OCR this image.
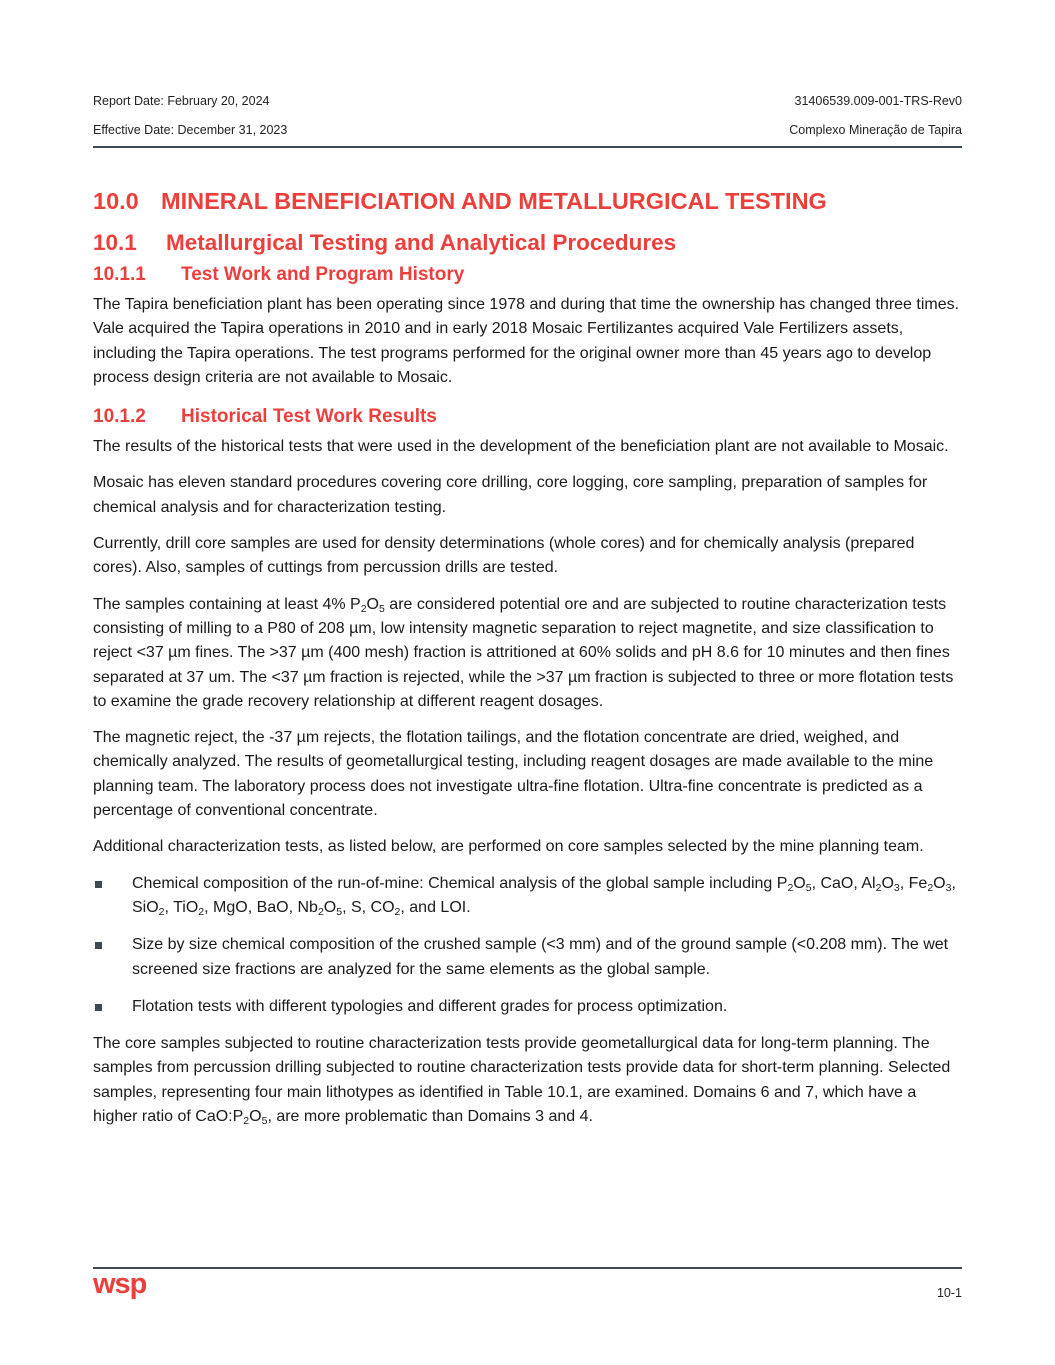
Report Date: February 20, 2024	31406539.009-001-TRS-Rev0
Effective Date: December 31, 2023	Complexo Mineração de Tapira
10.0 MINERAL BENEFICIATION AND METALLURGICAL TESTING
10.1 Metallurgical Testing and Analytical Procedures
10.1.1 Test Work and Program History

The Tapira beneficiation plant has been operating since 1978 and during that time the ownership has changed three times. Vale acquired the Tapira operations in 2010 and in early 2018 Mosaic Fertilizantes acquired Vale Fertilizers assets, including the Tapira operations. The test programs performed for the original owner more than 45 years ago to develop process design criteria are not available to Mosaic.

10.1.2 Historical Test Work Results

The results of the historical tests that were used in the development of the beneficiation plant are not available to Mosaic.

Mosaic has eleven standard procedures covering core drilling, core logging, core sampling, preparation of samples for chemical analysis and for characterization testing.

Currently, drill core samples are used for density determinations (whole cores) and for chemically analysis (prepared cores). Also, samples of cuttings from percussion drills are tested.

The samples containing at least 4% $P_2O_5$ are considered potential ore and are subjected to routine characterization tests consisting of milling to a P80 of 208 µm, low intensity magnetic separation to reject magnetite, and size classification to reject <37 µm fines. The >37 µm (400 mesh) fraction is attritioned at 60% solids and pH 8.6 for 10 minutes and then fines separated at 37 um. The <37 µm fraction is rejected, while the >37 µm fraction is subjected to three or more flotation tests to examine the grade recovery relationship at different reagent dosages.

The magnetic reject, the -37 µm rejects, the flotation tailings, and the flotation concentrate are dried, weighed, and chemically analyzed. The results of geometallurgical testing, including reagent dosages are made available to the mine planning team. The laboratory process does not investigate ultra-fine flotation. Ultra-fine concentrate is predicted as a percentage of conventional concentrate.

Additional characterization tests, as listed below, are performed on core samples selected by the mine planning team.

Chemical composition of the run-of-mine: Chemical analysis of the global sample including $P_2O_5$, CaO, $Al_2O_3$, $Fe_2O_3$, SiO$_2$, TiO$_2$, MgO, BaO, $Nb_2O_5$, S, $CO_2$, and LOI.
Size by size chemical composition of the crushed sample (<3 mm) and of the ground sample (<0.208 mm). The wet screened size fractions are analyzed for the same elements as the global sample.
Flotation tests with different typologies and different grades for process optimization.

The core samples subjected to routine characterization tests provide geometallurgical data for long-term planning. The samples from percussion drilling subjected to routine characterization tests provide data for short-term planning. Selected samples, representing four main lithotypes as identified in Table 10.1, are examined. Domains 6 and 7, which have a higher ratio of $CaO:P_2O_5$, are more problematic than Domains 3 and 4.

wsp	10-1
